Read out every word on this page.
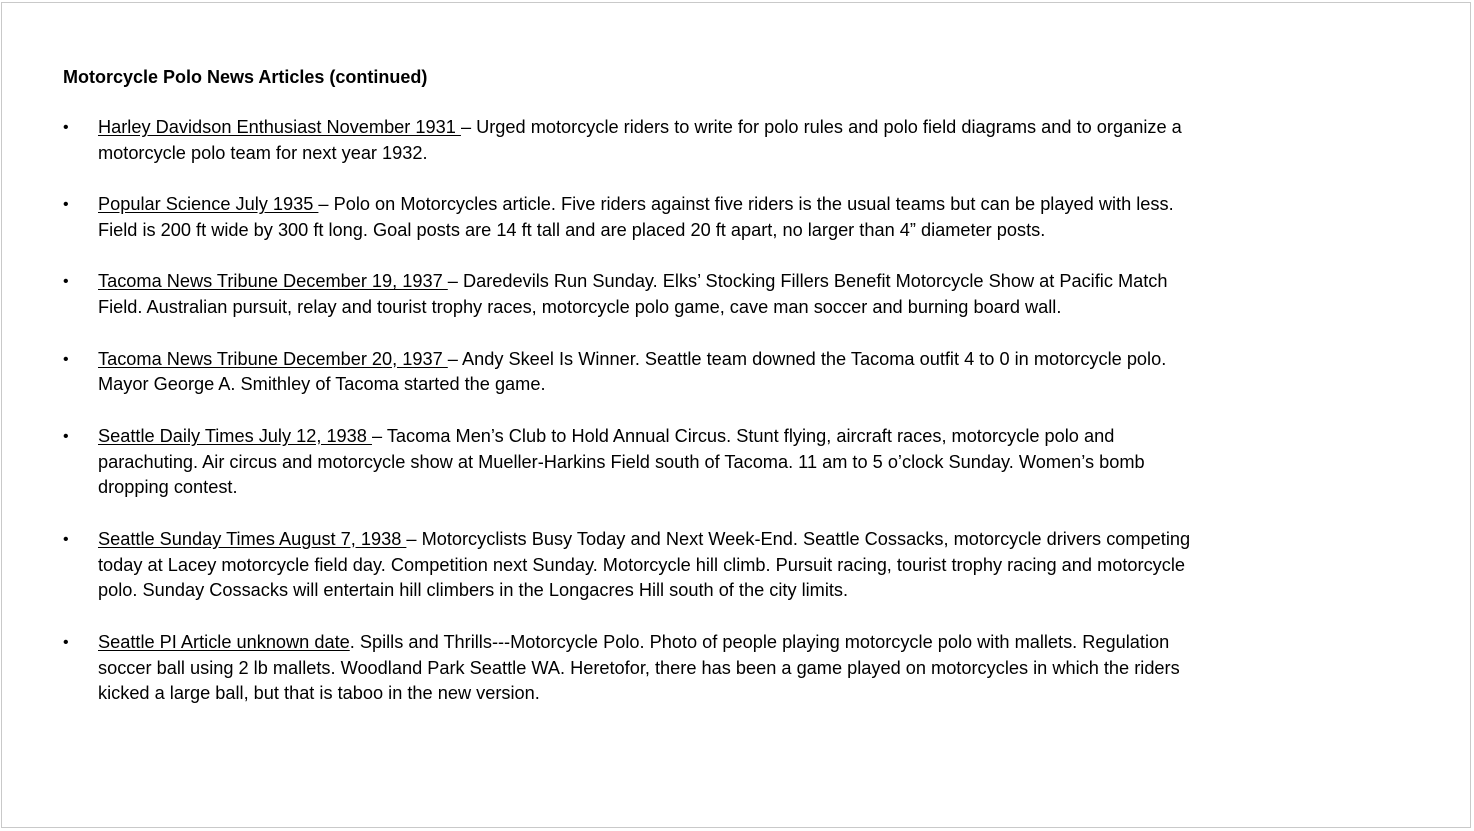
Motorcycle Polo News Articles (continued)
• Harley Davidson Enthusiast November 1931 – Urged motorcycle riders to write for polo rules and polo field diagrams and to organize a motorcycle polo team for next year 1932.
• Popular Science July 1935 – Polo on Motorcycles article. Five riders against five riders is the usual teams but can be played with less. Field is 200 ft wide by 300 ft long. Goal posts are 14 ft tall and are placed 20 ft apart, no larger than 4” diameter posts.
• Tacoma News Tribune December 19, 1937 – Daredevils Run Sunday. Elks’ Stocking Fillers Benefit Motorcycle Show at Pacific Match Field. Australian pursuit, relay and tourist trophy races, motorcycle polo game, cave man soccer and burning board wall.
• Tacoma News Tribune December 20, 1937 – Andy Skeel Is Winner. Seattle team downed the Tacoma outfit 4 to 0 in motorcycle polo. Mayor George A. Smithley of Tacoma started the game.
• Seattle Daily Times July 12, 1938 – Tacoma Men’s Club to Hold Annual Circus. Stunt flying, aircraft races, motorcycle polo and parachuting. Air circus and motorcycle show at Mueller-Harkins Field south of Tacoma. 11 am to 5 o’clock Sunday. Women’s bomb dropping contest.
• Seattle Sunday Times August 7, 1938 – Motorcyclists Busy Today and Next Week-End. Seattle Cossacks, motorcycle drivers competing today at Lacey motorcycle field day. Competition next Sunday. Motorcycle hill climb. Pursuit racing, tourist trophy racing and motorcycle polo. Sunday Cossacks will entertain hill climbers in the Longacres Hill south of the city limits.
• Seattle PI Article unknown date. Spills and Thrills---Motorcycle Polo. Photo of people playing motorcycle polo with mallets. Regulation soccer ball using 2 lb mallets. Woodland Park Seattle WA. Heretofor, there has been a game played on motorcycles in which the riders kicked a large ball, but that is taboo in the new version.
